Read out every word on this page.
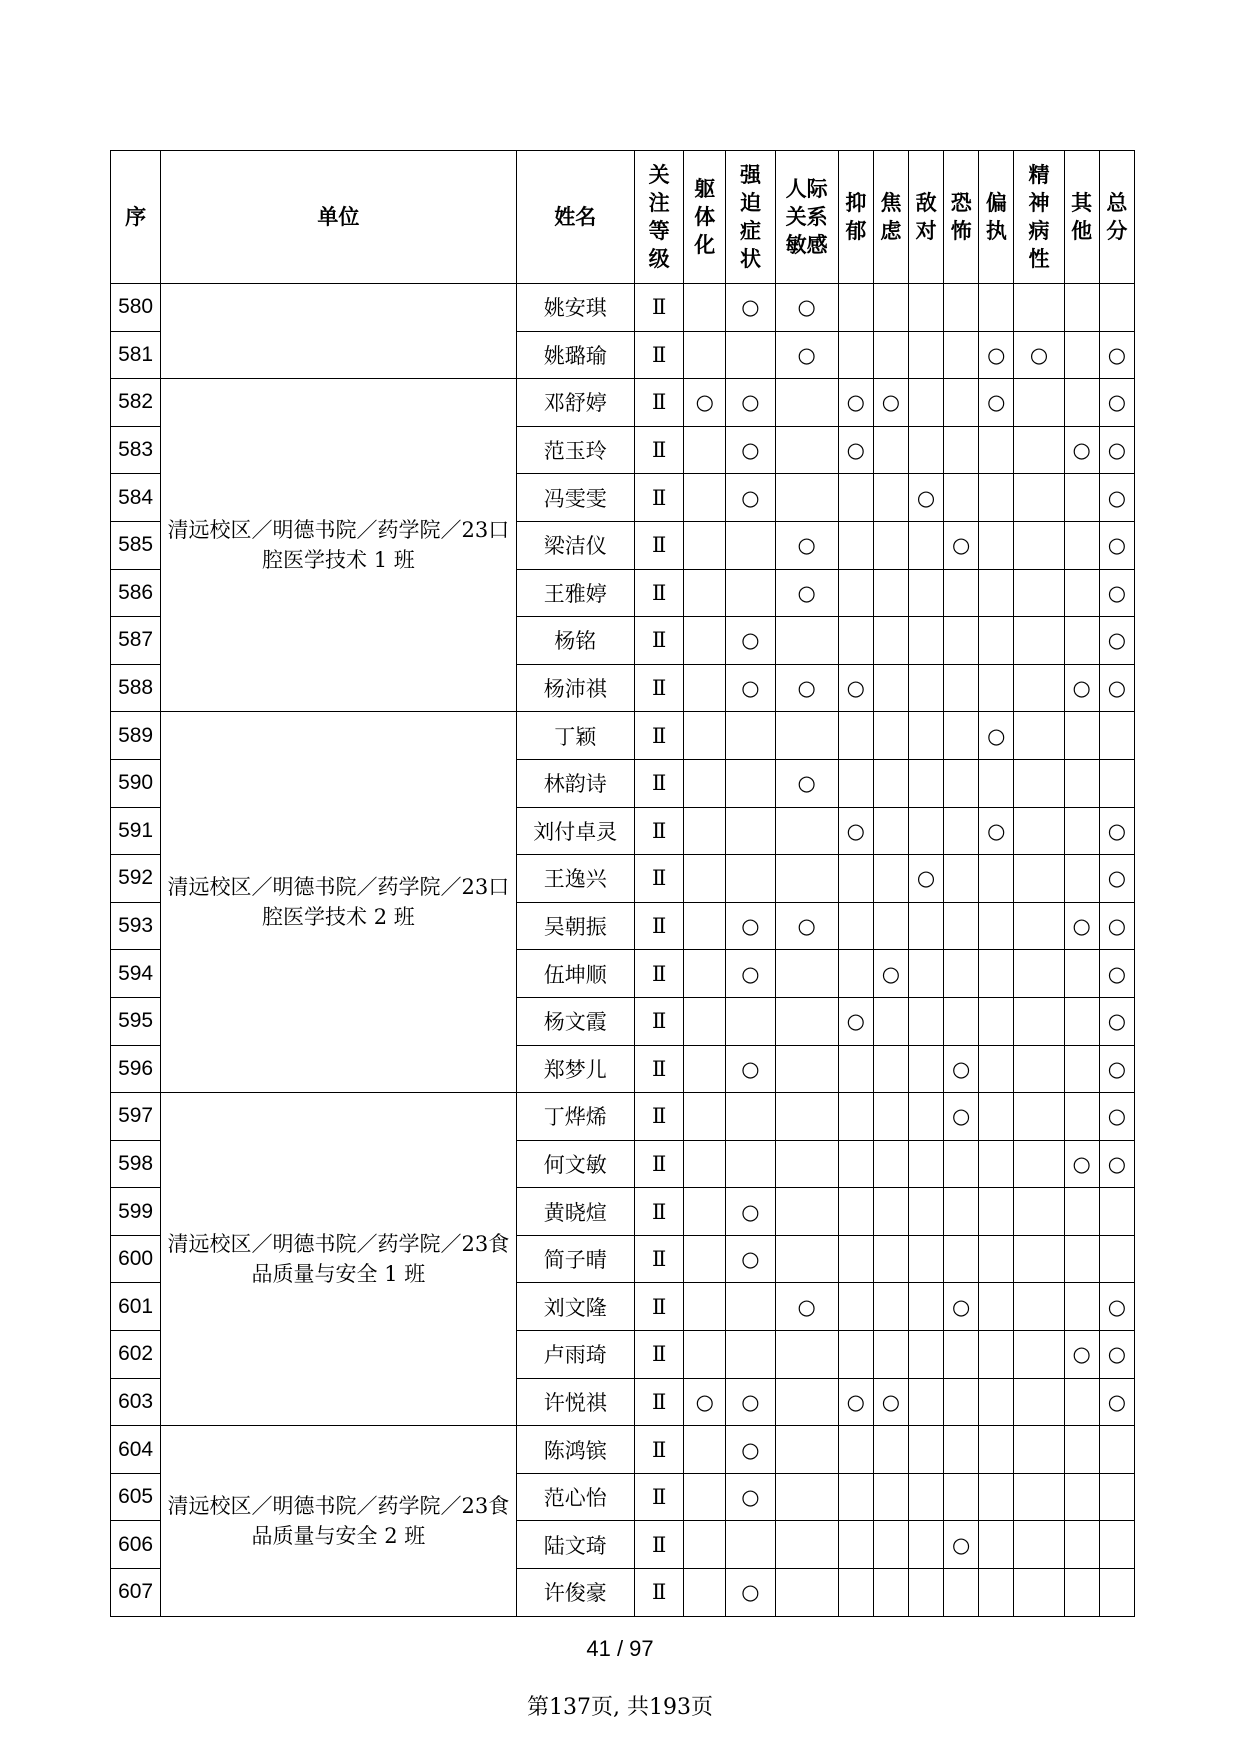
序	单位	姓名	关
注
等
级	躯
体
化	强
迫
症
状	人际
关系
敏感	抑
郁	焦
虑	敌
对	恐
怖	偏
执	精
神
病
性	其
他	总
分
580		姚安琪	Ⅱ		○	○								
581		姚璐瑜	Ⅱ			○					○	○		○
582	清远校区／明德书院／药学院／23口腔医学技术 1 班	邓舒婷	Ⅱ	○	○		○	○			○			○
583		范玉玲	Ⅱ		○		○						○	○
584		冯雯雯	Ⅱ		○				○					○
585		梁洁仪	Ⅱ			○				○				○
586		王雅婷	Ⅱ			○								○
587		杨铭	Ⅱ		○									○
588		杨沛祺	Ⅱ		○	○	○						○	○
589	清远校区／明德书院／药学院／23口腔医学技术 2 班	丁颖	Ⅱ								○			
590		林韵诗	Ⅱ			○								
591		刘付卓灵	Ⅱ				○				○			○
592		王逸兴	Ⅱ						○					○
593		吴朝振	Ⅱ		○	○							○	○
594		伍坤顺	Ⅱ		○			○						○
595		杨文霞	Ⅱ				○							○
596		郑梦儿	Ⅱ		○					○				○
597	清远校区／明德书院／药学院／23食品质量与安全 1 班	丁烨烯	Ⅱ							○				○
598		何文敏	Ⅱ										○	○
599		黄晓煊	Ⅱ		○									
600		简子晴	Ⅱ		○									
601		刘文隆	Ⅱ			○				○				○
602		卢雨琦	Ⅱ										○	○
603		许悦祺	Ⅱ	○	○		○	○						○
604	清远校区／明德书院／药学院／23食品质量与安全 2 班	陈鸿镔	Ⅱ		○									
605		范心怡	Ⅱ		○									
606		陆文琦	Ⅱ							○				
607		许俊豪	Ⅱ		○									
41 / 97
第137页, 共193页
